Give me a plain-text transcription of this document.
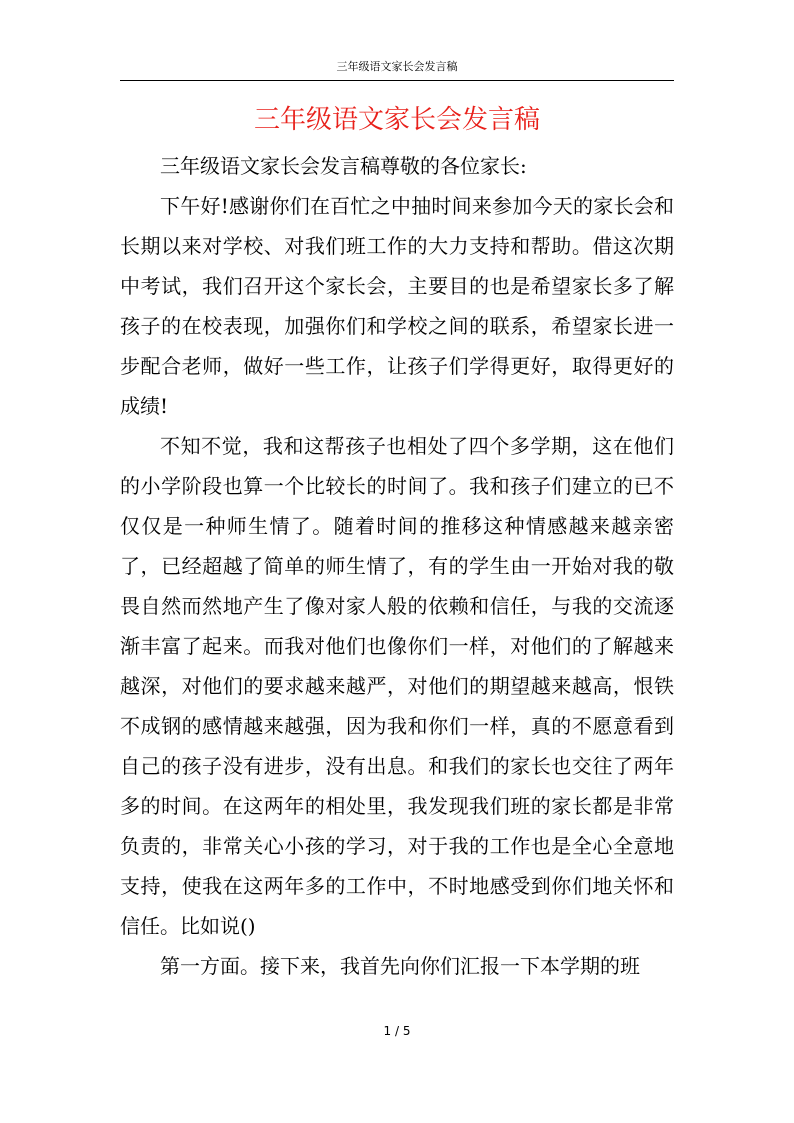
三年级语文家长会发言稿
三年级语文家长会发言稿

三年级语文家长会发言稿尊敬的各位家长:

下午好!感谢你们在百忙之中抽时间来参加今天的家长会和长期以来对学校、对我们班工作的大力支持和帮助。借这次期中考试，我们召开这个家长会，主要目的也是希望家长多了解孩子的在校表现，加强你们和学校之间的联系，希望家长进一步配合老师，做好一些工作，让孩子们学得更好，取得更好的成绩!

不知不觉，我和这帮孩子也相处了四个多学期，这在他们的小学阶段也算一个比较长的时间了。我和孩子们建立的已不仅仅是一种师生情了。随着时间的推移这种情感越来越亲密了，已经超越了简单的师生情了，有的学生由一开始对我的敬畏自然而然地产生了像对家人般的依赖和信任，与我的交流逐渐丰富了起来。而我对他们也像你们一样，对他们的了解越来越深，对他们的要求越来越严，对他们的期望越来越高，恨铁不成钢的感情越来越强，因为我和你们一样，真的不愿意看到自己的孩子没有进步，没有出息。和我们的家长也交往了两年多的时间。在这两年的相处里，我发现我们班的家长都是非常负责的，非常关心小孩的学习，对于我的工作也是全心全意地支持，使我在这两年多的工作中，不时地感受到你们地关怀和信任。比如说()

第一方面。接下来，我首先向你们汇报一下本学期的班

1 / 5
